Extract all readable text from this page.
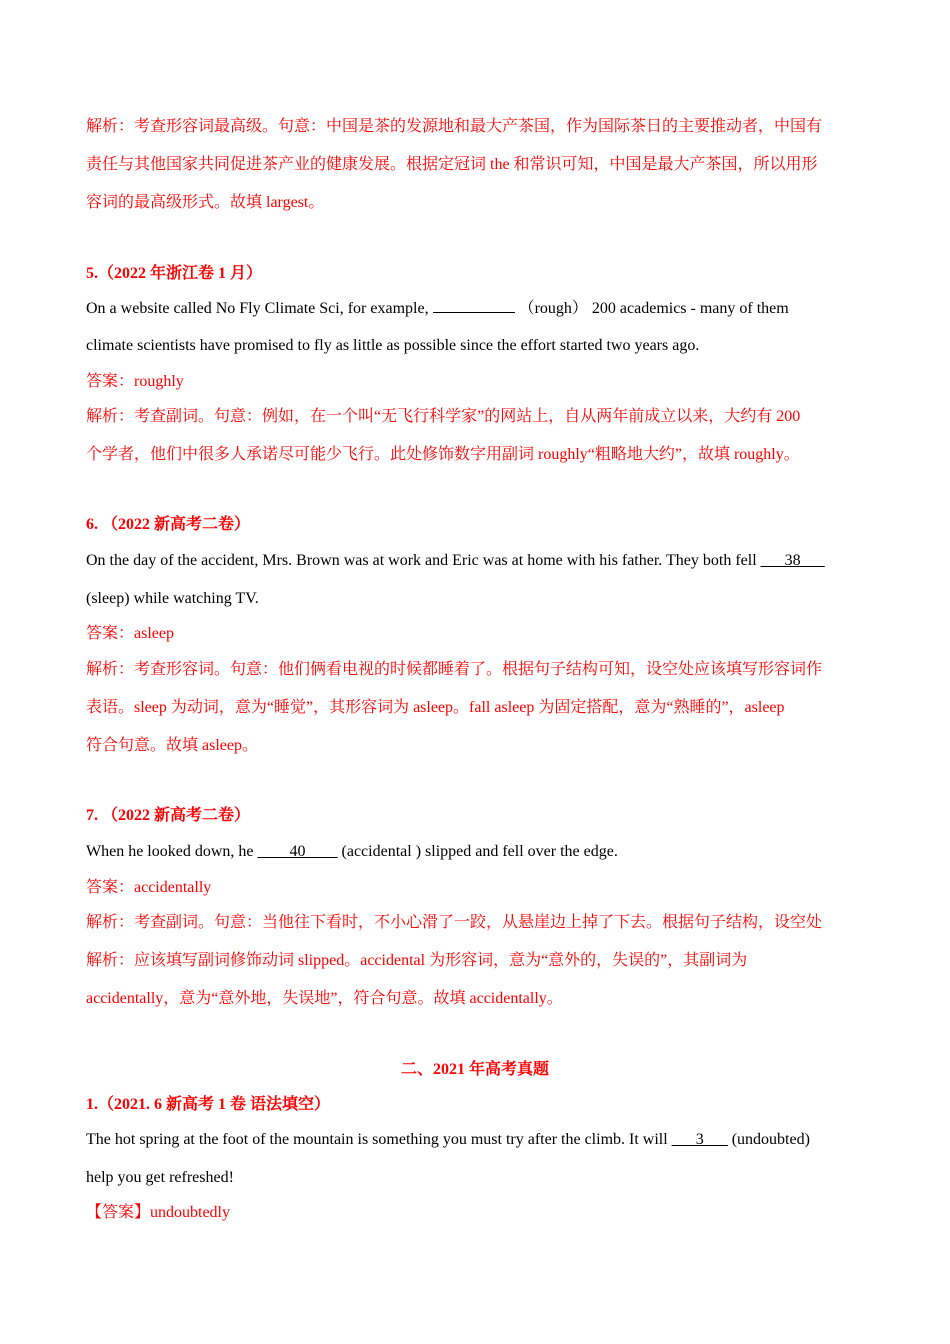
解析：考查形容词最高级。句意：中国是茶的发源地和最大产茶国，作为国际茶日的主要推动者，中国有
责任与其他国家共同促进茶产业的健康发展。根据定冠词 the 和常识可知，中国是最大产茶国，所以用形
容词的最高级形式。故填 largest。
5.（2022 年浙江卷 1 月）
On a website called No Fly Climate Sci, for example,	（rough） 200 academics - many of them
climate scientists have promised to fly as little as possible since the effort started two years ago.
答案：roughly
解析：考查副词。句意：例如，在一个叫“无飞行科学家”的网站上，自从两年前成立以来，大约有 200
个学者，他们中很多人承诺尽可能少飞行。此处修饰数字用副词 roughly“粗略地大约”，故填 roughly。
6. （2022 新高考二卷）
On the day of the accident, Mrs. Brown was at work and Eric was at home with his father. They both fell ___38___
(sleep) while watching TV.
答案：asleep
解析：考查形容词。句意：他们俩看电视的时候都睡着了。根据句子结构可知，设空处应该填写形容词作
表语。sleep 为动词，意为“睡觉”，其形容词为 asleep。fall asleep 为固定搭配，意为“熟睡的”，asleep
符合句意。故填 asleep。
7. （2022 新高考二卷）
When he looked down, he ____40____ (accidental ) slipped and fell over the edge.
答案：accidentally
解析：考查副词。句意：当他往下看时，不小心滑了一跤，从悬崖边上掉了下去。根据句子结构，设空处
解析：应该填写副词修饰动词 slipped。accidental 为形容词，意为“意外的，失误的”，其副词为
accidentally，意为“意外地，失误地”，符合句意。故填 accidentally。
二、2021 年高考真题
1.（2021. 6 新高考 1 卷 语法填空）
The hot spring at the foot of the mountain is something you must try after the climb. It will ___3___ (undoubted)
help you get refreshed!
【答案】undoubtedly
